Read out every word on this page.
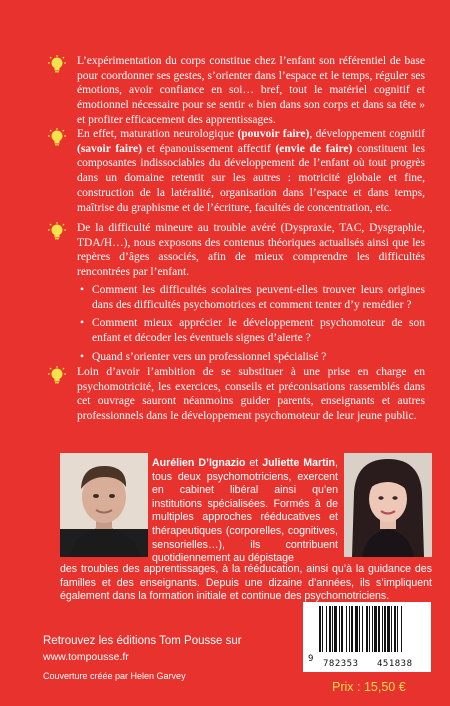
L’expérimentation du corps constitue chez l’enfant son référentiel de base pour coordonner ses gestes, s’orienter dans l’espace et le temps, réguler ses émotions, avoir confiance en soi… bref, tout le matériel cognitif et émotionnel nécessaire pour se sentir « bien dans son corps et dans sa tête » et profiter efficacement des apprentissages.
En effet, maturation neurologique (pouvoir faire), développement cognitif (savoir faire) et épanouissement affectif (envie de faire) constituent les composantes indissociables du développement de l’enfant où tout progrès dans un domaine retentit sur les autres : motricité globale et fine, construction de la latéralité, organisation dans l’espace et dans temps, maîtrise du graphisme et de l’écriture, facultés de concentration, etc.
De la difficulté mineure au trouble avéré (Dyspraxie, TAC, Dysgraphie, TDA/H…), nous exposons des contenus théoriques actualisés ainsi que les repères d’âges associés, afin de mieux comprendre les difficultés rencontrées par l’enfant.
• Comment les difficultés scolaires peuvent-elles trouver leurs origines dans des difficultés psychomotrices et comment tenter d’y remédier ?
• Comment mieux apprécier le développement psychomoteur de son enfant et décoder les éventuels signes d’alerte ?
• Quand s’orienter vers un professionnel spécialisé ?
Loin d’avoir l’ambition de se substituer à une prise en charge en psychomotricité, les exercices, conseils et préconisations rassemblés dans cet ouvrage sauront néanmoins guider parents, enseignants et autres professionnels dans le développement psychomoteur de leur jeune public.
Aurélien D’Ignazio et Juliette Martin, tous deux psychomotriciens, exercent en cabinet libéral ainsi qu’en institutions spécialisées. Formés à de multiples approches rééducatives et thérapeutiques (corporelles, cognitives, sensorielles…), ils contribuent quotidiennement au dépistage
des troubles des apprentissages, à la rééducation, ainsi qu’à la guidance des familles et des enseignants. Depuis une dizaine d’années, ils s’impliquent également dans la formation initiale et continue des psychomotriciens.
Retrouvez les éditions Tom Pousse sur
www.tompousse.fr
Couverture créée par Helen Garvey
9 782353 451838
Prix : 15,50 €
